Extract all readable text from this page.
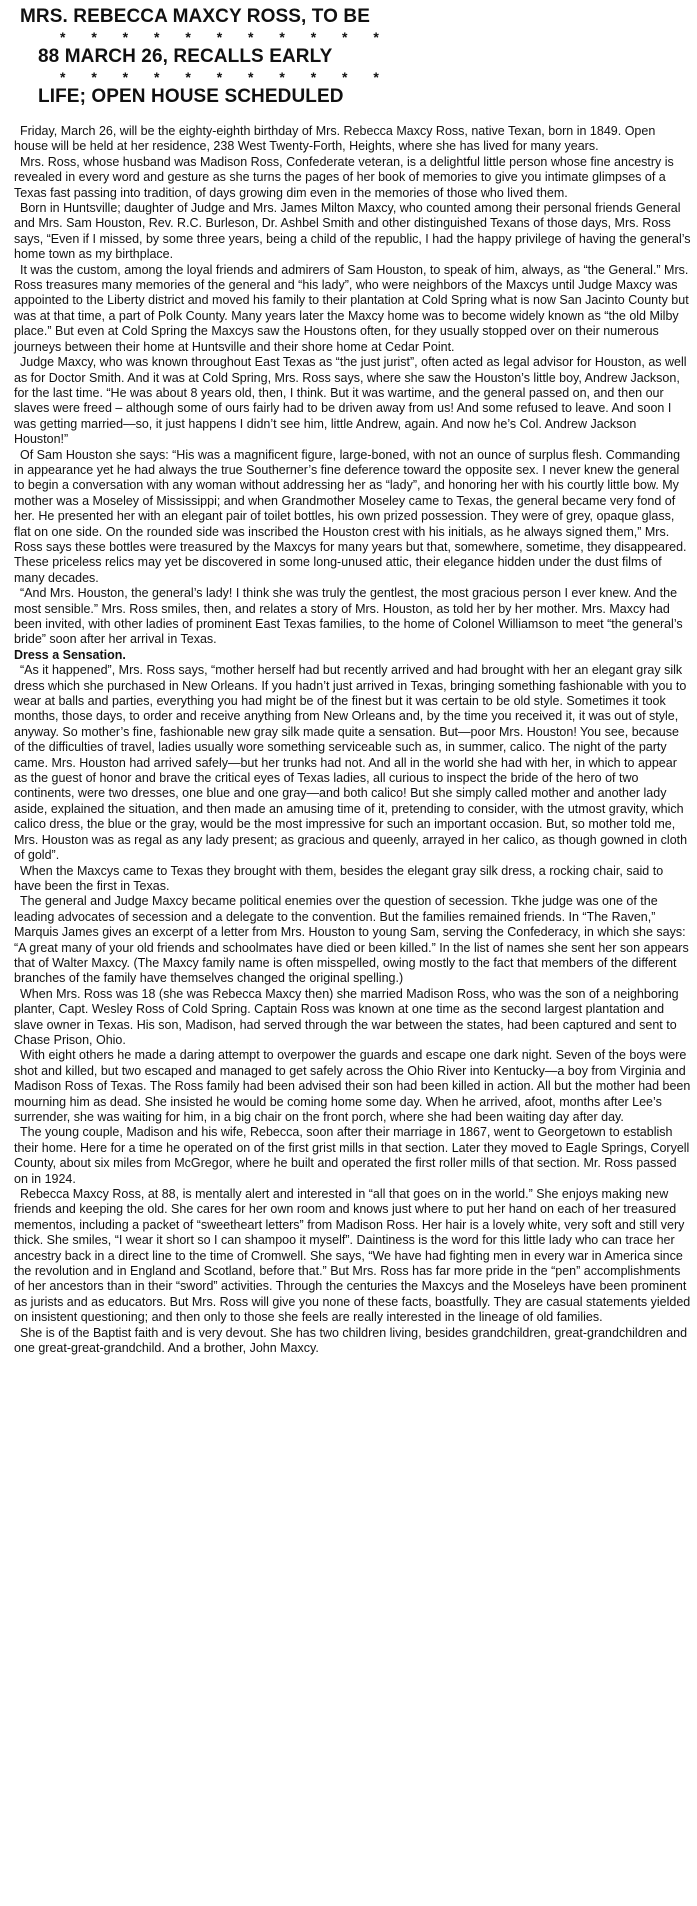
MRS. REBECCA MAXCY ROSS, TO BE
* * * * * * * * * * *
88 MARCH 26, RECALLS EARLY
* * * * * * * * * * *
LIFE; OPEN HOUSE SCHEDULED

Friday, March 26, will be the eighty-eighth birthday of Mrs. Rebecca Maxcy Ross, native Texan, born in 1849. Open house will be held at her residence, 238 West Twenty-Forth, Heights, where she has lived for many years.

Mrs. Ross, whose husband was Madison Ross, Confederate veteran, is a delightful little person whose fine ancestry is revealed in every word and gesture as she turns the pages of her book of memories to give you intimate glimpses of a Texas fast passing into tradition, of days growing dim even in the memories of those who lived them.

Born in Huntsville; daughter of Judge and Mrs. James Milton Maxcy, who counted among their personal friends General and Mrs. Sam Houston, Rev. R.C. Burleson, Dr. Ashbel Smith and other distinguished Texans of those days, Mrs. Ross says, “Even if I missed, by some three years, being a child of the republic, I had the happy privilege of having the general’s home town as my birthplace.

It was the custom, among the loyal friends and admirers of Sam Houston, to speak of him, always, as “the General.” Mrs. Ross treasures many memories of the general and “his lady”, who were neighbors of the Maxcys until Judge Maxcy was appointed to the Liberty district and moved his family to their plantation at Cold Spring what is now San Jacinto County but was at that time, a part of Polk County. Many years later the Maxcy home was to become widely known as “the old Milby place.” But even at Cold Spring the Maxcys saw the Houstons often, for they usually stopped over on their numerous journeys between their home at Huntsville and their shore home at Cedar Point.

Judge Maxcy, who was known throughout East Texas as “the just jurist”, often acted as legal advisor for Houston, as well as for Doctor Smith. And it was at Cold Spring, Mrs. Ross says, where she saw the Houston’s little boy, Andrew Jackson, for the last time. “He was about 8 years old, then, I think. But it was wartime, and the general passed on, and then our slaves were freed – although some of ours fairly had to be driven away from us! And some refused to leave. And soon I was getting married—so, it just happens I didn’t see him, little Andrew, again. And now he’s Col. Andrew Jackson Houston!”

Of Sam Houston she says: “His was a magnificent figure, large-boned, with not an ounce of surplus flesh. Commanding in appearance yet he had always the true Southerner’s fine deference toward the opposite sex. I never knew the general to begin a conversation with any woman without addressing her as “lady”, and honoring her with his courtly little bow. My mother was a Moseley of Mississippi; and when Grandmother Moseley came to Texas, the general became very fond of her. He presented her with an elegant pair of toilet bottles, his own prized possession. They were of grey, opaque glass, flat on one side. On the rounded side was inscribed the Houston crest with his initials, as he always signed them,” Mrs. Ross says these bottles were treasured by the Maxcys for many years but that, somewhere, sometime, they disappeared. These priceless relics may yet be discovered in some long-unused attic, their elegance hidden under the dust films of many decades.

“And Mrs. Houston, the general’s lady! I think she was truly the gentlest, the most gracious person I ever knew. And the most sensible.” Mrs. Ross smiles, then, and relates a story of Mrs. Houston, as told her by her mother. Mrs. Maxcy had been invited, with other ladies of prominent East Texas families, to the home of Colonel Williamson to meet “the general’s bride” soon after her arrival in Texas.

Dress a Sensation.

“As it happened”, Mrs. Ross says, “mother herself had but recently arrived and had brought with her an elegant gray silk dress which she purchased in New Orleans. If you hadn’t just arrived in Texas, bringing something fashionable with you to wear at balls and parties, everything you had might be of the finest but it was certain to be old style. Sometimes it took months, those days, to order and receive anything from New Orleans and, by the time you received it, it was out of style, anyway. So mother’s fine, fashionable new gray silk made quite a sensation. But—poor Mrs. Houston! You see, because of the difficulties of travel, ladies usually wore something serviceable such as, in summer, calico. The night of the party came. Mrs. Houston had arrived safely—but her trunks had not. And all in the world she had with her, in which to appear as the guest of honor and brave the critical eyes of Texas ladies, all curious to inspect the bride of the hero of two continents, were two dresses, one blue and one gray—and both calico! But she simply called mother and another lady aside, explained the situation, and then made an amusing time of it, pretending to consider, with the utmost gravity, which calico dress, the blue or the gray, would be the most impressive for such an important occasion. But, so mother told me, Mrs. Houston was as regal as any lady present; as gracious and queenly, arrayed in her calico, as though gowned in cloth of gold”.

When the Maxcys came to Texas they brought with them, besides the elegant gray silk dress, a rocking chair, said to have been the first in Texas.

The general and Judge Maxcy became political enemies over the question of secession. Tkhe judge was one of the leading advocates of secession and a delegate to the convention. But the families remained friends. In “The Raven,” Marquis James gives an excerpt of a letter from Mrs. Houston to young Sam, serving the Confederacy, in which she says: “A great many of your old friends and schoolmates have died or been killed.” In the list of names she sent her son appears that of Walter Maxcy. (The Maxcy family name is often misspelled, owing mostly to the fact that members of the different branches of the family have themselves changed the original spelling.)

When Mrs. Ross was 18 (she was Rebecca Maxcy then) she married Madison Ross, who was the son of a neighboring planter, Capt. Wesley Ross of Cold Spring. Captain Ross was known at one time as the second largest plantation and slave owner in Texas. His son, Madison, had served through the war between the states, had been captured and sent to Chase Prison, Ohio.

With eight others he made a daring attempt to overpower the guards and escape one dark night. Seven of the boys were shot and killed, but two escaped and managed to get safely across the Ohio River into Kentucky—a boy from Virginia and Madison Ross of Texas. The Ross family had been advised their son had been killed in action. All but the mother had been mourning him as dead. She insisted he would be coming home some day. When he arrived, afoot, months after Lee’s surrender, she was waiting for him, in a big chair on the front porch, where she had been waiting day after day.

The young couple, Madison and his wife, Rebecca, soon after their marriage in 1867, went to Georgetown to establish their home. Here for a time he operated on of the first grist mills in that section. Later they moved to Eagle Springs, Coryell County, about six miles from McGregor, where he built and operated the first roller mills of that section. Mr. Ross passed on in 1924.

Rebecca Maxcy Ross, at 88, is mentally alert and interested in “all that goes on in the world.” She enjoys making new friends and keeping the old. She cares for her own room and knows just where to put her hand on each of her treasured mementos, including a packet of “sweetheart letters” from Madison Ross. Her hair is a lovely white, very soft and still very thick. She smiles, “I wear it short so I can shampoo it myself”. Daintiness is the word for this little lady who can trace her ancestry back in a direct line to the time of Cromwell. She says, “We have had fighting men in every war in America since the revolution and in England and Scotland, before that.” But Mrs. Ross has far more pride in the “pen” accomplishments of her ancestors than in their “sword” activities. Through the centuries the Maxcys and the Moseleys have been prominent as jurists and as educators. But Mrs. Ross will give you none of these facts, boastfully. They are casual statements yielded on insistent questioning; and then only to those she feels are really interested in the lineage of old families.

She is of the Baptist faith and is very devout. She has two children living, besides grandchildren, great-grandchildren and one great-great-grandchild. And a brother, John Maxcy.
